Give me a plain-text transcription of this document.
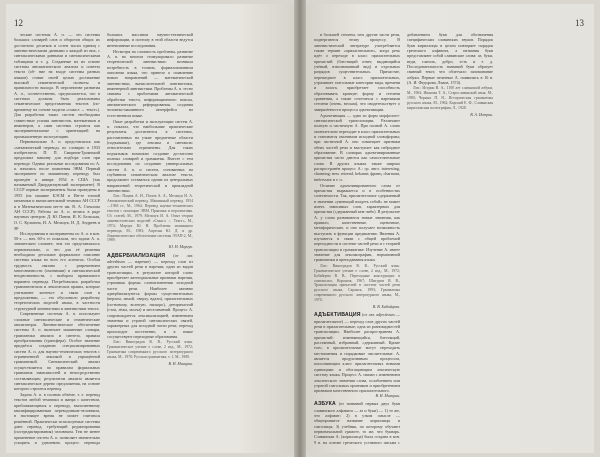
12

ческие системы А. п. — это системы больших словарей слов и оборотов общих их достаточно десятков и сотен тысяч единиц с лингвистическими данными о каждой из них, с синтаксическими данными и синтаксическими таблицами и т. д. Созданные на их основе системы автоматического анализа и синтеза текста (об- ние на входе системы разных языков) ставят своей целью достижение высокой семантической полноты и правильности выхода. В перспективе развития А. п., соответственно, предполагается, что в системах должны быть реализованы семантические представления текстов (по- прежнему на основе модели «смысл ↔ текст»). Для разработки таких систем необходимы совместные усилия лингвистов, математиков и инженеров, а сами системы строятся как экспериментальные с ориентацией на промышленную эксплуатацию.

Первоначально А. п. представлялся как «механический перевод» по словарю: в 1933 изобретатель П. П. Смирнов-Троянский предложил машину для подбора слов при переводе. Однако реальные исследования по А. п. начались после появления ЭВМ. Первый эксперимент по машинному переводу был проведён в январе 1954 в США (так называемый Джорджтаунский эксперимент). В СССР первые эксперименты были проведены в 1955 (на машине БЭСМ в Ин-те точной механики и вычислительной техники АН СССР и в Математическом ин-те им. В. А. Стеклова АН СССР). Работы по А. п. велись в ряде научных центров: Д. Ю. Панов, И. К. Бельская, О. С. Кулагина, И. А. Мельчук, Н. Д. Андреев и др.

Исследования и эксперименты по А. п. в кон. 50-х — нач. 60-х гг. показали, что задача А. п. значительно сложнее, чем это представлялось первоначально, и что для её решения необходимо детальное формальное описание системы языка во всех его аспектах. Особая трудность связана с разрешением многозначности (омонимии) и синтаксической неоднозначности, с выбором правильного варианта перевода. Потребовалась разработка грамматических и лексических правил, которые учитывают контекст и связи слов в предложении, — это обусловило разработку теоретических моделей языка, в частности структурной лингвистики и лингвистики текста.

Современные системы А. п. используют сложные синтаксические и семантические анализаторы. Лингвистическое обеспечение системы А. п. включает машинные словари, грамматики анализа и синтеза, правила преобразования (трансфера). Особое значение придаётся созданию специализированных систем А. п. для научно-технических текстов с ограниченной лексикой и упрощённой грамматикой. Синтаксический анализ осуществляется по правилам формальных грамматик зависимостей и непосредственно составляющих; результатом анализа является синтаксическое дерево предложения, на основе которого строится перевод.

Задача А. п. в полном объёме, т. е. перевод текстов любой тематики и жанра с качеством, приближающимся к переводу, выполненному квалифицированным переводчиком-человеком, в настоящее время не может считаться решённой. Практически используемые системы дают перевод, требующий редактирования (постредактирования) человеком. Тем не менее применение систем А. п. позволяет значительно ускорить и удешевить процесс перевода больших массивов научно-технической информации, и поэтому в этой области ведутся интенсивные исследования.

Несмотря на сложность проблемы, развитие А. п. во многом стимулировало развитие теоретической лингвистики: возникла потребность в точном, формализованном описании языка, что привело к появлению новых направлений — математической лингвистики, вычислительной лингвистики, инженерной лингвистики. Проблемы А. п. тесно связаны с проблемами автоматической обработки текста, информационного поиска, автоматического реферирования, создания человеко-машинного интерфейса на естественном языке.

Опыт разработки и эксплуатации систем А. п. показал, что наибольшие практические результаты достигаются в системах, рассчитанных на узкие предметные области (подъязыки), где лексика и синтаксис относительно ограничены. Для таких подъязыков возможно создание достаточно полных словарей и грамматик. Вместе с тем исследования по созданию универсальных систем А. п. и систем, основанных на глубинном семантическом анализе текста, продолжают оставаться одним из центральных направлений теоретической и прикладной лингвистики.

Лит.: Пацюк А. И., Попов А. А., Мельчук И. А. Автоматический перевод. Машинный перевод. 1954—1963 гг., М., 1964; Перевод научно-технических текстов с помощью ЭВМ. Практика и перспективы. Сб. статей, М., 1979; Мельчук И. А. Опыт теории лингвистических моделей «Смысл ⇔ Текст», М., 1974; Марчук Ю. Н. Проблемы машинного перевода, М., 1983; Апресян Ю. Д. и др. Лингвистическое обеспечение системы ЭТАП-2, М., 1989.

Ю. Н. Марчук.

АДВЕРБИАЛИЗАЦИЯ (от лат. adverbium — наречие) — переход слов из других частей речи в наречия; один из видов транспозиции, в результате которой слово приобретает категориальные признаки наречия, утрачивая формы словоизменения исходной части речи. Наиболее активно адвербиализуются формы существительных (верхом, зимой, сверху, вдали), прилагательных (по-новому, вслепую, наскоро), деепричастий (стоя, лёжа, молча) и местоимений. Процесс А. сопровождается лексикализацией, изменением значения и утратой синтаксических связей, характерных для исходной части речи; переход происходит постепенно, и в языке сосуществуют переходные образования.

Лит.: Виноградов В. В., Русский язык. Грамматическое учение о слове, 2 изд., М., 1972; Грамматика современного русского литературного языка, М., 1970; Русская грамматика, т. 1, М., 1980.

В. Н. Мигирин.
13

в большей степени, чем другие части речи, подвергаются этому процессу. В лингвистической литературе употребляется также термин «прилагательное», когда речь идёт о переходе в класс прилагательных причастий (блестящий ответ, выдающийся учёный, взволнованный вид) и отдельных разрядов существительных. Причастие, перешедшее в класс прилагательных, утрачивает глагольные категории вида, времени и залога, приобретает способность образовывать краткую форму и степени сравнения, а также сочетаться с наречиями степени (очень, весьма), что свидетельствует о завершённости процесса адъективации.

Адъективация — одна из форм морфолого-синтаксической транспозиции. Различают полную и частичную А. При полной А. слово окончательно переходит в класс прилагательных и становится омонимом исходной словоформы; при частичной А. оно совмещает признаки обеих частей речи и выступает как гибридное образование. В словарях адъективированные причастия часто даются как самостоятельные слова. В других языках также широко распространён процесс А.: ср. англ. interesting, charming; нем. reizend, bekannt; франц. charmant, intéressant и т. п.

Отличие адъективированного слова от причастия выражается и в особенностях сочетаемости. Так, прилагательное сдержанный в значении «умеющий владеть собой» не может иметь зависимых слов, характерных для причастия (сдержанный кем-либо). В результате А. у слова развиваются новые значения, как правило, качественные, оценочные, метафорические, и оно получает возможность выступать в функции предикатива. Явления А. изучаются в связи с общей проблемой переходности в системе частей речи и с теорией транспозиции в грамматике. Изучение А. имеет значение для лексикографии, нормативной грамматики и преподавания языка.

Лит.: Виноградов В. В., Русский язык. Грамматическое учение о слове, 2 изд., М., 1972; Бабайцева В. В., Переходные конструкции в синтаксисе, Воронеж, 1967; Шигуров В. В., Транспозиция причастий в системе частей речи русского языка, Саранск, 1993; Грамматика современного русского литературного языка, М., 1970.

В. В. Бабайцева.

АДЪЕКТИВАЦИЯ (от лат. adjectivum — прилагательное) — переход слов других частей речи в прилагательные; одна из разновидностей транспозиции. Наиболее распространена А. причастий: изменяющийся, блестящий, рассеянный, избранный, сдержанный. Кроме того, в прилагательные могут переходить местоимения и порядковые числительные. А. является продуктивным процессом, пополняющим класс прилагательных новыми единицами и обогащающим лексическую систему языка. Процесс А. связан с изменением лексического значения слова, ослаблением или утратой глагольных признаков и приобретением признаков качественного прилагательного.

В. Н. Мигирин.

АЗБУКА (от названий первых двух букв славянского алфавита — аз и буки) — 1) то же, что алфавит; 2) в узком смысле — общепринятое название кириллицы и глаголицы; 3) учебник, по которому обучают первоначальной грамоте, то же, что букварь. Славянская А. (кириллица) была создана в кон. 9 в. на основе греческого уставного письма с добавлением букв для обозначения специфических славянских звуков. Порядок букв кириллицы в целом повторяет порядок греческого алфавита, а названия букв представляют собой славянские слова: аз, буки, веди, глаголь, добро, есть и т. д. Последовательность названий букв образует связный текст, что облегчало запоминание азбуки. Первые печатные А. появились в 16 в. (А. И. Федорова, Львов, 1574).

Лит.: Истрин В. А., 1100 лет славянской азбуки, М., 1963; Иванова Т. А., Старославянский язык, М., 1980; Черных П. Я., Историческая грамматика русского языка, М., 1962; Карский Е. Ф., Славянская кирилловская палеография, Л., 1928.

В. А. Истрин.
